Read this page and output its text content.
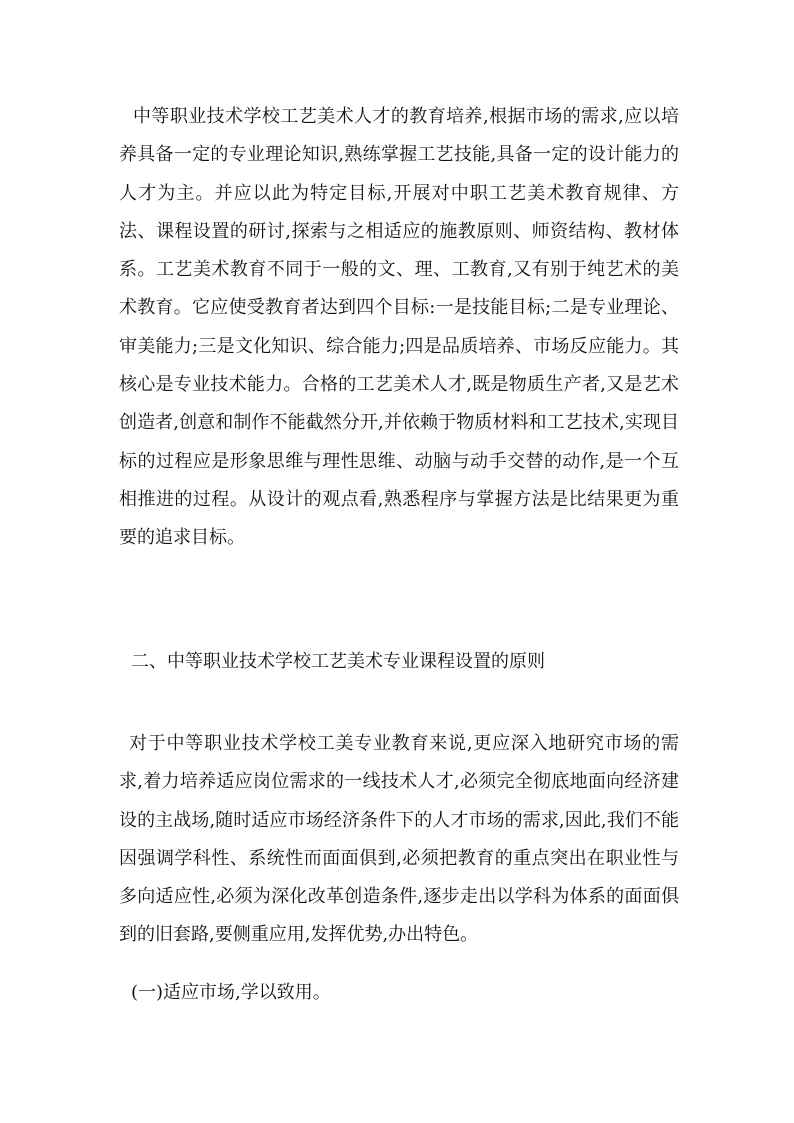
中等职业技术学校工艺美术人才的教育培养,根据市场的需求,应以培养具备一定的专业理论知识,熟练掌握工艺技能,具备一定的设计能力的人才为主。并应以此为特定目标,开展对中职工艺美术教育规律、方法、课程设置的研讨,探索与之相适应的施教原则、师资结构、教材体系。工艺美术教育不同于一般的文、理、工教育,又有别于纯艺术的美术教育。它应使受教育者达到四个目标:一是技能目标;二是专业理论、审美能力;三是文化知识、综合能力;四是品质培养、市场反应能力。其核心是专业技术能力。合格的工艺美术人才,既是物质生产者,又是艺术创造者,创意和制作不能截然分开,并依赖于物质材料和工艺技术,实现目标的过程应是形象思维与理性思维、动脑与动手交替的动作,是一个互相推进的过程。从设计的观点看,熟悉程序与掌握方法是比结果更为重要的追求目标。

二、中等职业技术学校工艺美术专业课程设置的原则

对于中等职业技术学校工美专业教育来说,更应深入地研究市场的需求,着力培养适应岗位需求的一线技术人才,必须完全彻底地面向经济建设的主战场,随时适应市场经济条件下的人才市场的需求,因此,我们不能因强调学科性、系统性而面面俱到,必须把教育的重点突出在职业性与多向适应性,必须为深化改革创造条件,逐步走出以学科为体系的面面俱到的旧套路,要侧重应用,发挥优势,办出特色。

(一)适应市场,学以致用。
